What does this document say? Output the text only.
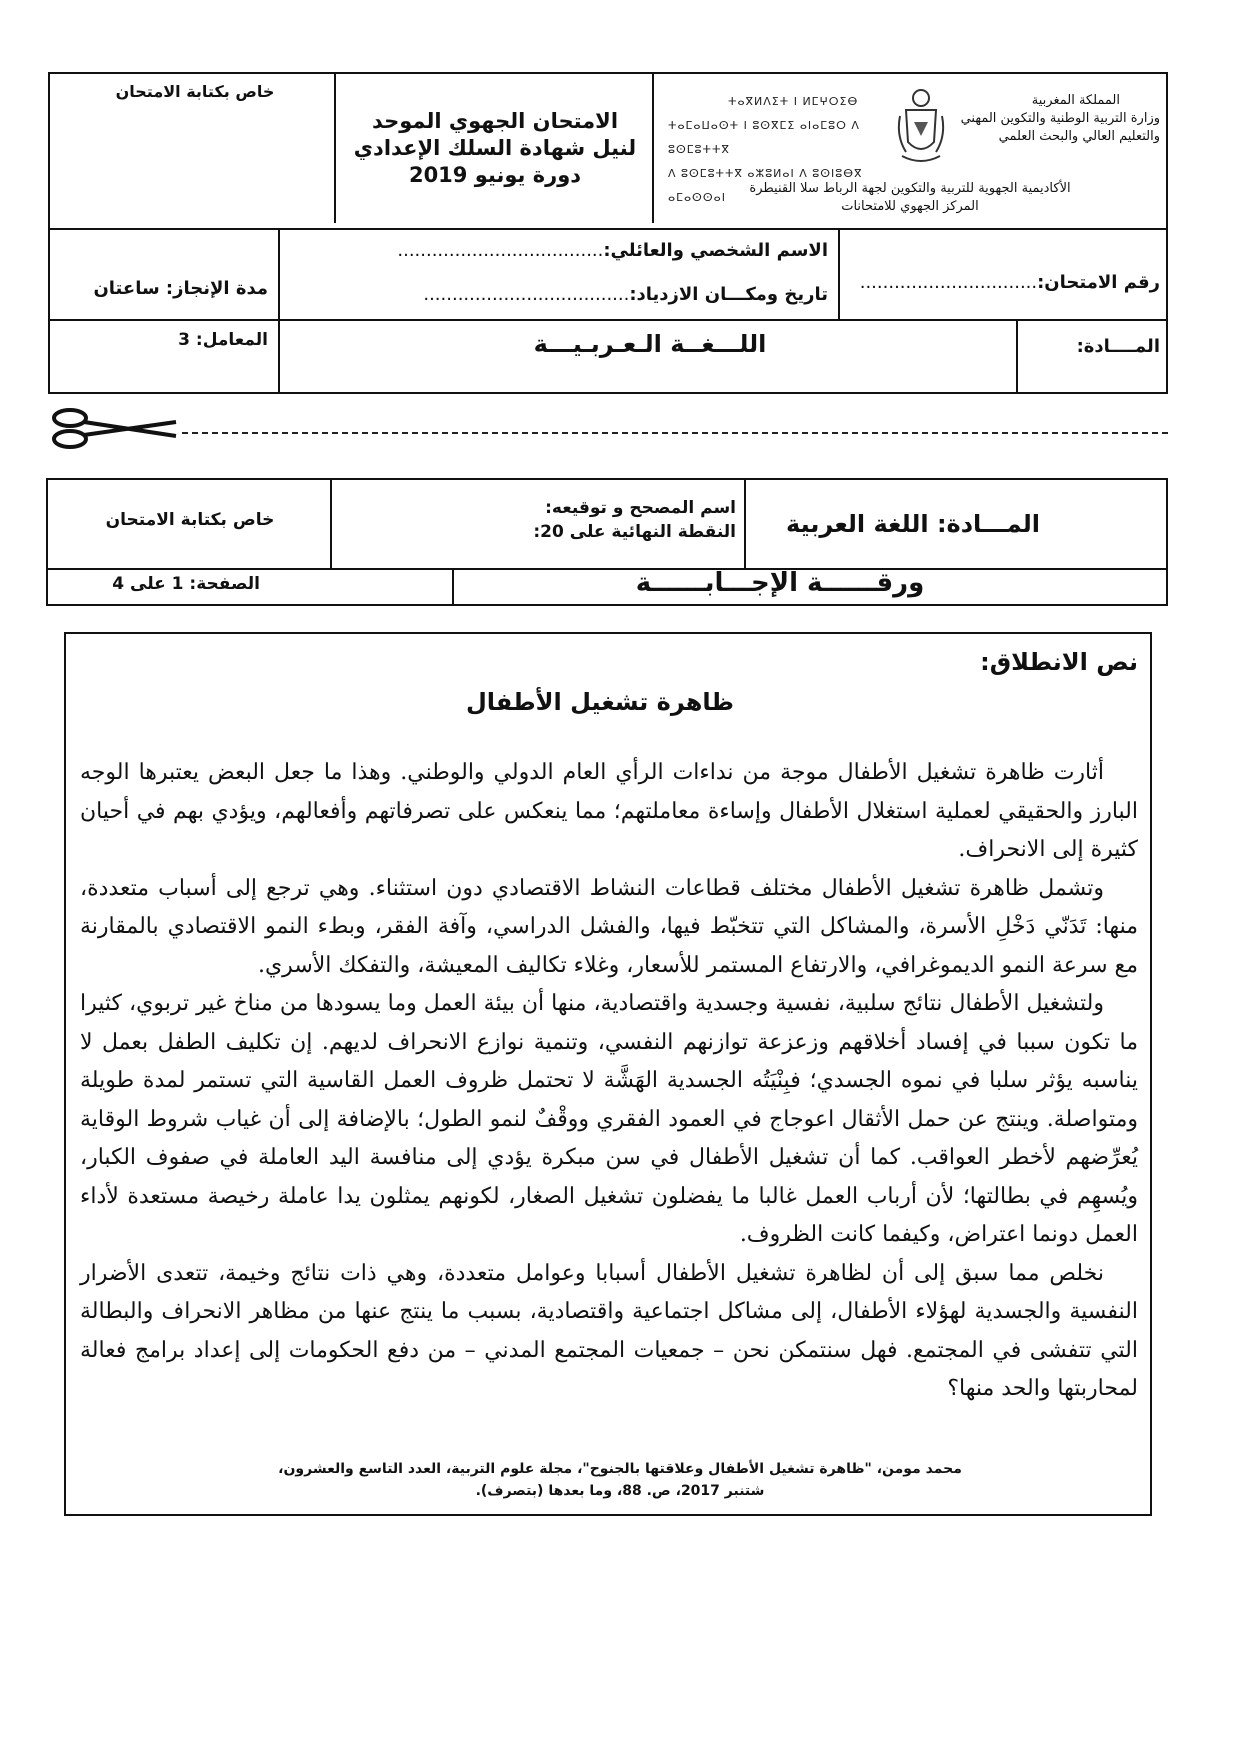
خاص بكتابة الامتحان
الامتحان الجهوي الموحد
لنيل شهادة السلك الإعدادي
دورة يونيو 2019
ⵜⴰⴳⵍⴷⵉⵜ ⵏ ⵍⵎⵖⵔⵉⴱ
ⵜⴰⵎⴰⵡⴰⵙⵜ ⵏ ⵓⵙⴳⵎⵉ ⴰⵏⴰⵎⵓⵔ ⴷ ⵓⵙⵎⵓⵜⵜⴳ
ⴷ ⵓⵙⵎⵓⵜⵜⴳ ⴰⵣⵓⵍⴰⵏ ⴷ ⵓⵙⵏⵓⴱⴳ ⴰⵎⴰⵙⵙⴰⵏ
المملكة المغربية
وزارة التربية الوطنية والتكوين المهني
والتعليم العالي والبحث العلمي
الأكاديمية الجهوية للتربية والتكوين لجهة الرباط سلا القنيطرة
المركز الجهوي للامتحانات
رقم الامتحان:...............................
الاسم الشخصي والعائلي:....................................
تاريخ ومكـــان الازدياد:....................................
مدة الإنجاز: ساعتان
المعامل: 3	اللـــغــة الـعـربـيـــة	المــــادة:
المـــادة: اللغة العربية
اسم المصحح و توقيعه:
النقطة النهائية على 20:
خاص بكتابة الامتحان
ورقــــــة الإجـــابــــــة
الصفحة: 1 على 4
نص الانطلاق:
ظاهرة تشغيل الأطفال

أثارت ظاهرة تشغيل الأطفال موجة من نداءات الرأي العام الدولي والوطني. وهذا ما جعل البعض يعتبرها الوجه البارز والحقيقي لعملية استغلال الأطفال وإساءة معاملتهم؛ مما ينعكس على تصرفاتهم وأفعالهم، ويؤدي بهم في أحيان كثيرة إلى الانحراف.

وتشمل ظاهرة تشغيل الأطفال مختلف قطاعات النشاط الاقتصادي دون استثناء. وهي ترجع إلى أسباب متعددة، منها: تَدَنّي دَخْلِ الأسرة، والمشاكل التي تتخبّط فيها، والفشل الدراسي، وآفة الفقر، وبطء النمو الاقتصادي بالمقارنة مع سرعة النمو الديموغرافي، والارتفاع المستمر للأسعار، وغلاء تكاليف المعيشة، والتفكك الأسري.

ولتشغيل الأطفال نتائج سلبية، نفسية وجسدية واقتصادية، منها أن بيئة العمل وما يسودها من مناخ غير تربوي، كثيرا ما تكون سببا في إفساد أخلاقهم وزعزعة توازنهم النفسي، وتنمية نوازع الانحراف لديهم. إن تكليف الطفل بعمل لا يناسبه يؤثر سلبا في نموه الجسدي؛ فبِنْيَتُه الجسدية الهَشَّة لا تحتمل ظروف العمل القاسية التي تستمر لمدة طويلة ومتواصلة. وينتج عن حمل الأثقال اعوجاج في العمود الفقري ووقْفٌ لنمو الطول؛ بالإضافة إلى أن غياب شروط الوقاية يُعرِّضهم لأخطر العواقب. كما أن تشغيل الأطفال في سن مبكرة يؤدي إلى منافسة اليد العاملة في صفوف الكبار، ويُسهِم في بطالتها؛ لأن أرباب العمل غالبا ما يفضلون تشغيل الصغار، لكونهم يمثلون يدا عاملة رخيصة مستعدة لأداء العمل دونما اعتراض، وكيفما كانت الظروف.

نخلص مما سبق إلى أن لظاهرة تشغيل الأطفال أسبابا وعوامل متعددة، وهي ذات نتائج وخيمة، تتعدى الأضرار النفسية والجسدية لهؤلاء الأطفال، إلى مشاكل اجتماعية واقتصادية، بسبب ما ينتج عنها من مظاهر الانحراف والبطالة التي تتفشى في المجتمع. فهل سنتمكن نحن – جمعيات المجتمع المدني – من دفع الحكومات إلى إعداد برامج فعالة لمحاربتها والحد منها؟

محمد مومن، "ظاهرة تشغيل الأطفال وعلاقتها بالجنوح"، مجلة علوم التربية، العدد التاسع والعشرون،
شتنبر 2017، ص. 88، وما بعدها (بتصرف).
